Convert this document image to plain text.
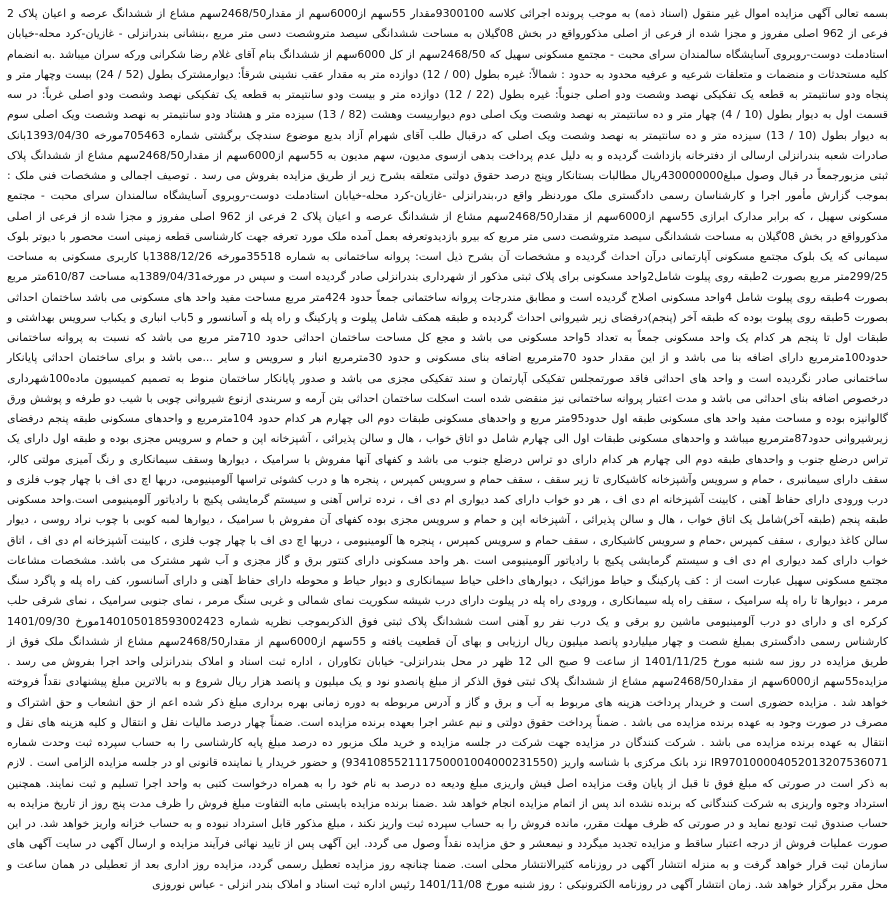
بسمه تعالی آگهی مزایده اموال غیر منقول (اسناد ذمه) به موجب پرونده اجرائی کلاسه 9300100مقدار 55سهم از6000سهم از مقدار2468/50سهم مشاع از ششدانگ عرصه و اعیان پلاک 2 فرعی از 962 اصلی مفروز و مجزا شده از فرعی از اصلی مذکورواقع در بخش 08گیلان به مساحت ششدانگی سیصد متروشصت دسی متر مربع ،بنشانی بندرانزلی - غازیان-کرد محله-خیابان استادملت دوست-روبروی آسایشگاه سالمندان سرای محبت - مجتمع مسکونی سهیل که 2468/50سهم از کل 6000سهم از ششدانگ بنام آقای غلام رضا شکرانی ورکه سران میباشد .به انضمام کلیه مستحدثات و منضمات و متعلقات شرعیه و عرفیه محدود به حدود : شمالاً: غیره بطول (00 / 12) دوازده متر به مقدار عقب نشینی شرقاً: دیوارمشترک بطول (52 / 24) بیست وچهار متر و پنجاه ودو سانتیمتر به قطعه یک تفکیکی نهصد وشصت ودو اصلی جنوباً: غیره بطول (22 / 12) دوازده متر و بیست ودو سانتیمتر به قطعه یک تفکیکی نهصد وشصت ودو اصلی غرباً: در سه قسمت اول به دیوار بطول (10 / 4) چهار متر و ده سانتیمتر به نهصد وشصت ویک اصلی دوم دیواربیست وهشت (82 / 13) سیزده متر و هشتاد ودو سانتیمتر به نهصد وشصت ویک اصلی سوم به دیوار بطول (10 / 13) سیزده متر و ده سانتیمتر به نهصد وشصت ویک اصلی که درقبال طلب آقای شهرام آزاد بدیع موضوع سندچک برگشتی شماره 705463مورخه 1393/04/30بانک صادرات شعبه بندرانزلی ارسالی از دفترخانه بازداشت گردیده و به دلیل عدم پرداخت بدهی ازسوی مدیون، سهم مدیون به 55سهم از6000سهم از مقدار2468/50سهم مشاع از ششدانگ پلاک ثبتی مزبورجمعاً در قبال وصول مبلغ430000000ریال مطالبات بستانکار وپنج درصد حقوق دولتی متعلقه بشرح زیر از طریق مزایده بفروش می رسد . توصیف اجمالی و مشخصات فنی ملک : بموجب گزارش مأمور اجرا و کارشناسان رسمی دادگستری ملک موردنظر واقع در،بندرانزلی -غازیان-کرد محله-خیابان استادملت دوست-روبروی آسایشگاه سالمندان سرای محبت - مجتمع مسکونی سهیل ، که برابر مدارک ابرازی 55سهم از6000سهم از مقدار2468/50سهم مشاع از ششدانگ عرصه و اعیان پلاک 2 فرعی از 962 اصلی مفروز و مجزا شده از فرعی از اصلی مذکورواقع در بخش 08گیلان به مساحت ششدانگی سیصد متروشصت دسی متر مربع که بیرو بازدیدوتعرفه بعمل آمده ملک مورد تعرفه جهت کارشناسی قطعه زمینی است محصور با دیوتر بلوک سیمانی که یک بلوک مجتمع مسکونی آپارتمانی درآن احداث گردیده و مشخصات آن بشرح ذیل است: پروانه ساختمانی به شماره 35518مورخه 1388/12/26با کاربری مسکونی به مساحت 299/25متر مربع بصورت 2طبقه روی پیلوت شامل2واحد مسکونی برای پلاک ثبتی مذکور از شهرداری بندرانزلی صادر گردیده است و سپس در مورخه1389/04/31به مساحت 610/87متر مربع بصورت 4طبقه روی پیلوت شامل 4واحد مسکونی اصلاح گردیده است و مطابق مندرجات پروانه ساختمانی جمعاً حدود 424متر مربع مساحت مفید واحد های مسکونی می باشد ساختمان احداثی بصورت 5طبقه روی پیلوت بوده که طبقه آخر (پنجم)درفضای زیر شیروانی احداث گردیده و طبقه همکف شامل پیلوت و پارکینگ و راه پله و آسانسور و 5باب انباری و یکباب سرویس بهداشتی و طبقات اول تا پنجم هر کدام یک واحد مسکونی جمعاً به تعداد 5واحد مسکونی می باشد و مجع کل مساحت ساختمان احداثی حدود 710متر مربع می باشد که نسبت به پروانه ساختمانی حدود100مترمربع دارای اضافه بنا می باشد و از این مقدار حدود 70مترمربع اضافه بنای مسکونی و حدود 30مترمربع انبار و سرویس و سایر ...می باشد و برای ساختمان احداثی پایانکار ساختمانی صادر نگردیده است و واحد های احداثی فاقد صورتمجلس تفکیکی آپارتمان و سند تفکیکی مجزی می باشد و صدور پایانکار ساختمان منوط به تصمیم کمیسیون ماده100شهرداری درخصوص اضافه بنای احداثی می باشد و مدت اعتبار پروانه ساختمانی نیز منقضی شده است اسکلت ساختمان احداثی بتن آرمه و سربندی ازنوع شیروانی چوبی با شیب دو طرفه و پوشش ورق گالوانیزه بوده و مساحت مفید واحد های مسکونی طبقه اول حدود95متر مربع و واحدهای مسکونی طبقات دوم الی چهارم هر کدام حدود 104مترمربع و واحدهای مسکونی طبقه پنجم درفضای زیرشیروانی حدود87مترمربع میباشد و واحدهای مسکونی طبقات اول الی چهارم شامل دو اتاق خواب ، هال و سالن پذیرائی ، آشپزخانه اپن و حمام و سرویس مجزی بوده و طبقه اول دارای یک تراس درضلع جنوب و واحدهای طبقه دوم الی چهارم هر کدام دارای دو تراس درضلع جنوب می باشد و کفهای آنها مفروش با سرامیک ، دیوارها وسقف سیمانکاری و رنگ آمیزی مولتی کالر، سقف دارای سیمانبری ، حمام و سرویس وآشپزخانه کاشیکاری تا زیر سقف ، سقف حمام و سرویس کمپرس ، پنجره ها و درب کشوئی تراسها آلومینیومی، دربها اچ دی اف با چهار چوب فلزی و درب ورودی دارای حفاظ آهنی ، کابینت آشپزخانه ام دی اف ، هر دو خواب دارای کمد دیواری ام دی اف ، نرده تراس آهنی و سیستم گرمایشی پکیج با رادیاتور آلومینیومی است.واحد مسکونی طبقه پنجم (طبقه آخر)شامل یک اتاق خواب ، هال و سالن پذیرائی ، آشپزخانه اپن و حمام و سرویس مجزی بوده کفهای آن مفروش با سرامیک ، دیوارها لمبه کوبی با چوب نراد روسی ، دیوار سالن کاغذ دیواری ، سقف کمپرس ،حمام و سرویس کاشیکاری ، سقف حمام و سرویس کمپرس ، پنجره ها آلومینیومی ، دربها اچ دی اف با چهار چوب فلزی ، کابینت آشپزخانه ام دی اف ، اتاق خواب دارای کمد دیواری ام دی اف و سیستم گرمایشی پکیج با رادیاتور آلومینیومی است .هر واحد مسکونی دارای کنتور برق و گاز مجزی و آب شهر مشترک می باشد. مشخصات مشاعات مجتمع مسکونی سهیل عبارت است از : کف پارکینگ و حیاط موزائیک ، دیوارهای داخلی حیاط سیمانکاری و دیوار حیاط و محوطه دارای حفاظ آهنی و دارای آسانسور، کف راه پله و پاگرد سنگ مرمر ، دیوارها تا راه پله سرامیک ، سقف راه پله سیمانکاری ، ورودی راه پله در پیلوت دارای درب شیشه سکوریت نمای شمالی و غربی سنگ مرمر ، نمای جنوبی سرامیک ، نمای شرقی حلب کرکره ای و دارای دو درب آلومینیومی ماشین رو برقی و یک درب نفر رو آهنی است ششدانگ پلاک ثبتی فوق الذکربموجب نظریه شماره 140105018593002423مورخ 1401/09/30 کارشناس رسمی دادگستری بمبلغ شصت و چهار میلیاردو پانصد میلیون ریال ارزیابی و بهای آن قطعیت یافته و 55سهم از6000سهم از مقدار2468/50سهم مشاع از ششدانگ ملک فوق از طریق مزایده در روز سه شنبه مورخ 1401/11/25 از ساعت 9 صبح الی 12 ظهر در محل بندرانزلی- خیابان تکاوران ، اداره ثبت اسناد و املاک بندرانزلی واحد اجرا بفروش می رسد . مزایده55سهم از6000سهم از مقدار2468/50سهم مشاع از ششدانگ پلاک ثبتی فوق الذکر از مبلغ پانصدو نود و یک میلیون و پانصد هزار ریال شروع و به بالاترین مبلغ پیشنهادی نقداً فروخته خواهد شد . مزایده حضوری است و خریدار پرداخت هزینه های مربوط به آب و برق و گاز و آدرس مربوطه به دوره زمانی بهره برداری مبلغ ذکر شده اعم از حق انشعاب و حق اشتراک و مصرف در صورت وجود به عهده برنده مزایده می باشد . ضمناً پرداخت حقوق دولتی و نیم عشر اجرا بعهده برنده مزایده است. ضمناً چهار درصد مالیات نقل و انتقال و کلیه هزینه های نقل و انتقال به عهده برنده مزایده می باشد . شرکت کنندگان در مزایده جهت شرکت در جلسه مزایده و خرید ملک مزبور ده درصد مبلغ پایه کارشناسی را به حساب سپرده ثبت وحدت شماره IR970100004052013207536071 نزد بانک مرکزی با شناسه واریز (934108552111750001004000231550) و حضور خریدار یا نماینده قانونی او در جلسه مزایده الزامی است . لازم به ذکر است در صورتی که مبلغ فوق تا قبل از پایان وقت مزایده اصل فیش واریزی مبلغ ودیعه ده درصد به نام خود را به همراه درخواست کتبی به واحد اجرا تسلیم و ثبت نمایند. همچنین استرداد وجوه واریزی به شرکت کنندگانی که برنده نشده اند پس از اتمام مزایده انجام خواهد شد .ضمنا برنده مزایده بایستی مابه التفاوت مبلغ فروش را ظرف مدت پنج روز از تاریخ مزایده به حساب صندوق ثبت تودیع نماید و در صورتی که ظرف مهلت مقرر، مانده فروش را به حساب سپرده ثبت واریز نکند ، مبلغ مذکور قابل استرداد نبوده و به حساب خزانه واریز خواهد شد. در این صورت عملیات فروش از درجه اعتبار ساقط و مزایده تجدید میگردد و نیمعشر و حق مزایده نقداً وصول می گردد. این آگهی پس از تایید نهائی فرآیند مزایده و ارسال آگهی در سایت آگهی های سازمان ثبت قرار خواهد گرفت و به منزله انتشار آگهی در روزنامه کثیرالانتشار محلی است. ضمنا چنانچه روز مزایده تعطیل رسمی گردد، مزایده روز اداری بعد از تعطیلی در همان ساعت و محل مقرر برگزار خواهد شد. زمان انتشار آگهی در روزنامه الکترونیکی : روز شنبه مورخ 1401/11/08 رئیس اداره ثبت اسناد و املاک بندر انزلی - عباس نوروزی
